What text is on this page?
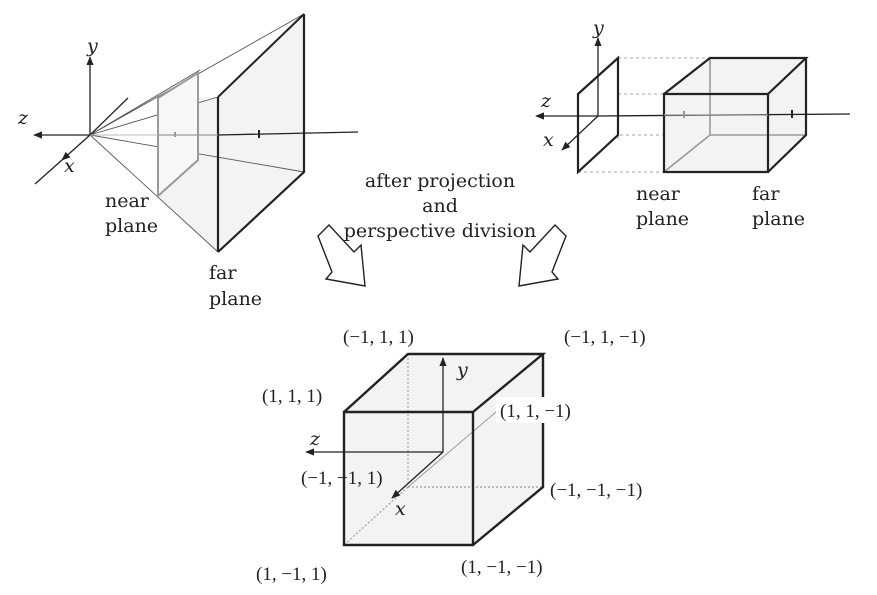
y
z
x
near
plane
far
plane
y
z
x
near
plane
far
plane
after projection
and
perspective division
y
z
x
(−1, 1, 1)	(−1, 1, −1)
(1, 1, 1)
(1, 1, −1)
(−1, −1, 1)
(−1, −1, −1)
(1, −1, 1)	(1, −1, −1)
